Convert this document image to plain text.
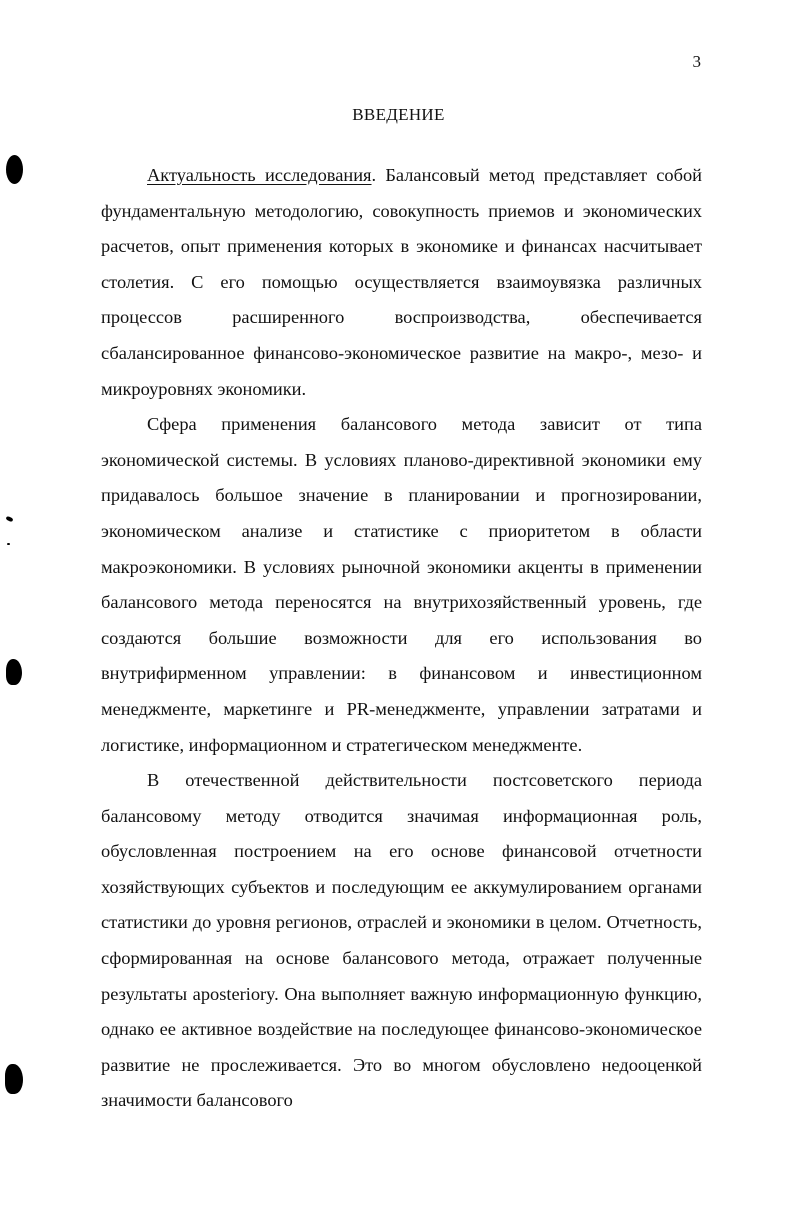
3
ВВЕДЕНИЕ

Актуальность исследования. Балансовый метод представляет собой фундаментальную методологию, совокупность приемов и экономических расчетов, опыт применения которых в экономике и финансах насчитывает столетия. С его помощью осуществляется взаимоувязка различных процессов расширенного воспроизводства, обеспечивается сбалансированное финансово-экономическое развитие на макро-, мезо- и микроуровнях экономики.

Сфера применения балансового метода зависит от типа экономической системы. В условиях планово-директивной экономики ему придавалось большое значение в планировании и прогнозировании, экономическом анализе и статистике с приоритетом в области макроэкономики. В условиях рыночной экономики акценты в применении балансового метода переносятся на внутрихозяйственный уровень, где создаются большие возможности для его использования во внутрифирменном управлении: в финансовом и инвестиционном менеджменте, маркетинге и PR-менеджменте, управлении затратами и логистике, информационном и стратегическом менеджменте.

В отечественной действительности постсоветского периода балансовому методу отводится значимая информационная роль, обусловленная построением на его основе финансовой отчетности хозяйствующих субъектов и последующим ее аккумулированием органами статистики до уровня регионов, отраслей и экономики в целом. Отчетность, сформированная на основе балансового метода, отражает полученные результаты aposteriory. Она выполняет важную информационную функцию, однако ее активное воздействие на последующее финансово-экономическое развитие не прослеживается. Это во многом обусловлено недооценкой значимости балансового
